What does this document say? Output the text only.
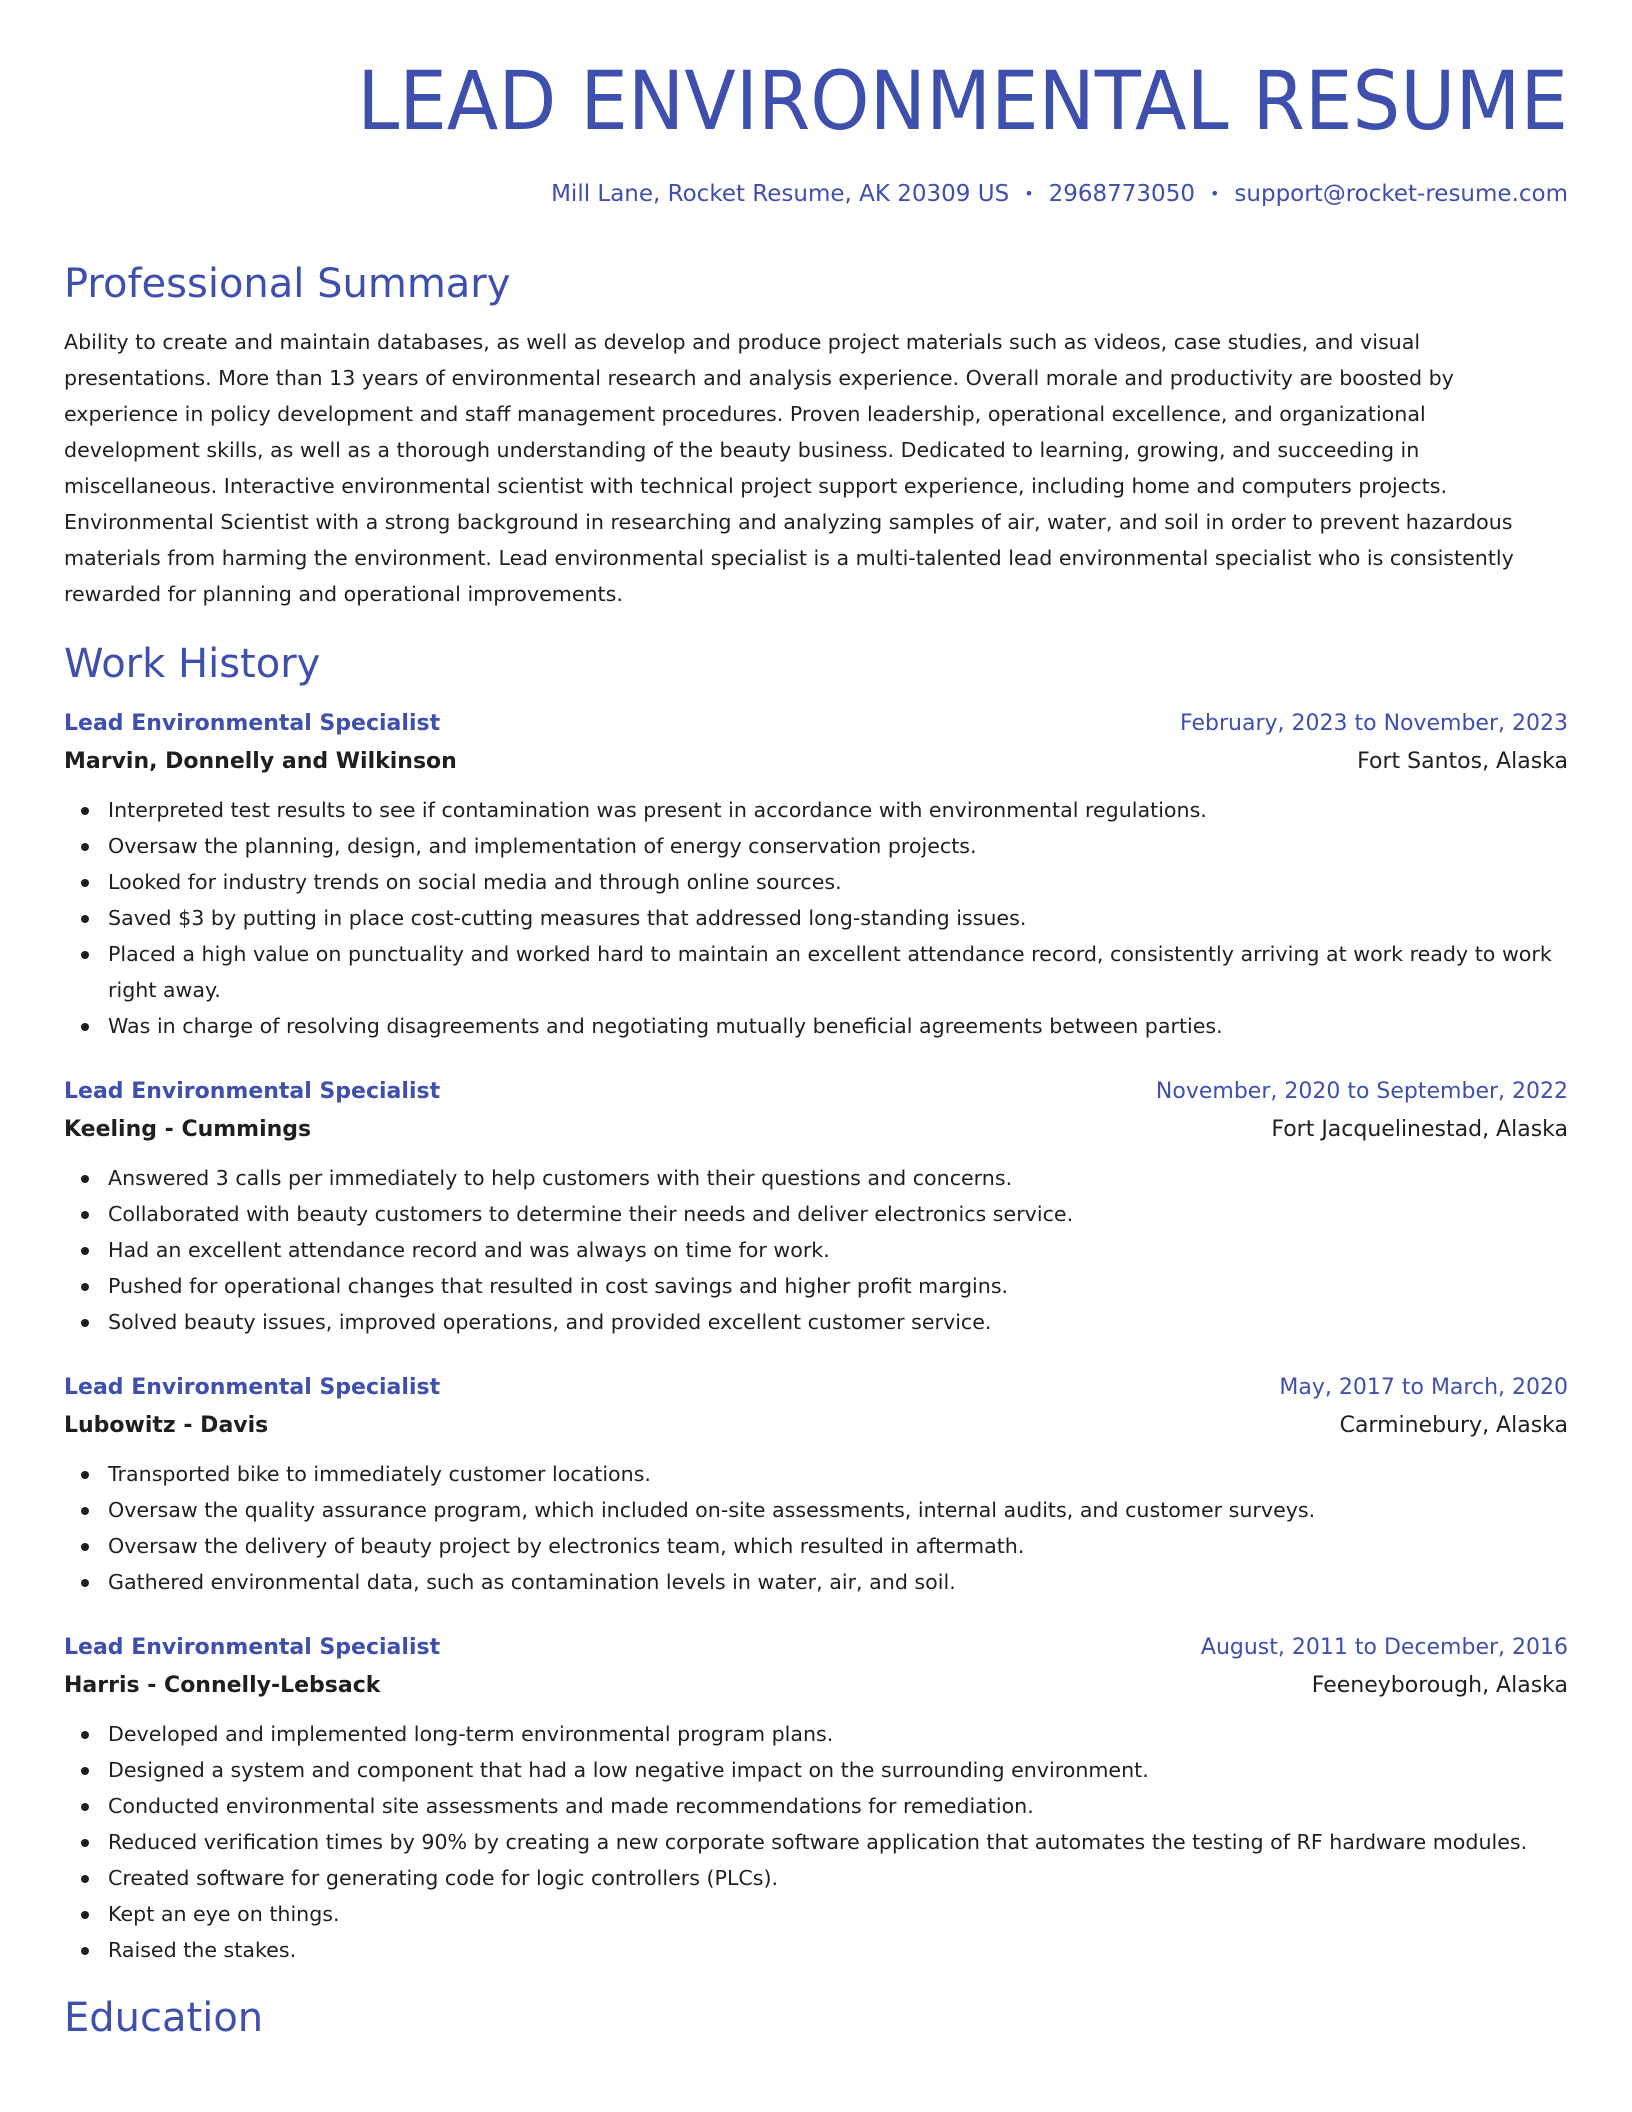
LEAD ENVIRONMENTAL RESUME
Mill Lane, Rocket Resume, AK 20309 US • 2968773050 • support@rocket-resume.com
Professional Summary

Ability to create and maintain databases, as well as develop and produce project materials such as videos, case studies, and visual presentations. More than 13 years of environmental research and analysis experience. Overall morale and productivity are boosted by experience in policy development and staff management procedures. Proven leadership, operational excellence, and organizational development skills, as well as a thorough understanding of the beauty business. Dedicated to learning, growing, and succeeding in miscellaneous. Interactive environmental scientist with technical project support experience, including home and computers projects. Environmental Scientist with a strong background in researching and analyzing samples of air, water, and soil in order to prevent hazardous materials from harming the environment. Lead environmental specialist is a multi-talented lead environmental specialist who is consistently rewarded for planning and operational improvements.

Work History
Lead Environmental Specialist	February, 2023 to November, 2023
Marvin, Donnelly and Wilkinson	Fort Santos, Alaska
Interpreted test results to see if contamination was present in accordance with environmental regulations.
Oversaw the planning, design, and implementation of energy conservation projects.
Looked for industry trends on social media and through online sources.
Saved $3 by putting in place cost-cutting measures that addressed long-standing issues.
Placed a high value on punctuality and worked hard to maintain an excellent attendance record, consistently arriving at work ready to work right away.
Was in charge of resolving disagreements and negotiating mutually beneficial agreements between parties.
Lead Environmental Specialist	November, 2020 to September, 2022
Keeling - Cummings	Fort Jacquelinestad, Alaska
Answered 3 calls per immediately to help customers with their questions and concerns.
Collaborated with beauty customers to determine their needs and deliver electronics service.
Had an excellent attendance record and was always on time for work.
Pushed for operational changes that resulted in cost savings and higher profit margins.
Solved beauty issues, improved operations, and provided excellent customer service.
Lead Environmental Specialist	May, 2017 to March, 2020
Lubowitz - Davis	Carminebury, Alaska
Transported bike to immediately customer locations.
Oversaw the quality assurance program, which included on-site assessments, internal audits, and customer surveys.
Oversaw the delivery of beauty project by electronics team, which resulted in aftermath.
Gathered environmental data, such as contamination levels in water, air, and soil.
Lead Environmental Specialist	August, 2011 to December, 2016
Harris - Connelly-Lebsack	Feeneyborough, Alaska
Developed and implemented long-term environmental program plans.
Designed a system and component that had a low negative impact on the surrounding environment.
Conducted environmental site assessments and made recommendations for remediation.
Reduced verification times by 90% by creating a new corporate software application that automates the testing of RF hardware modules.
Created software for generating code for logic controllers (PLCs).
Kept an eye on things.
Raised the stakes.
Education
